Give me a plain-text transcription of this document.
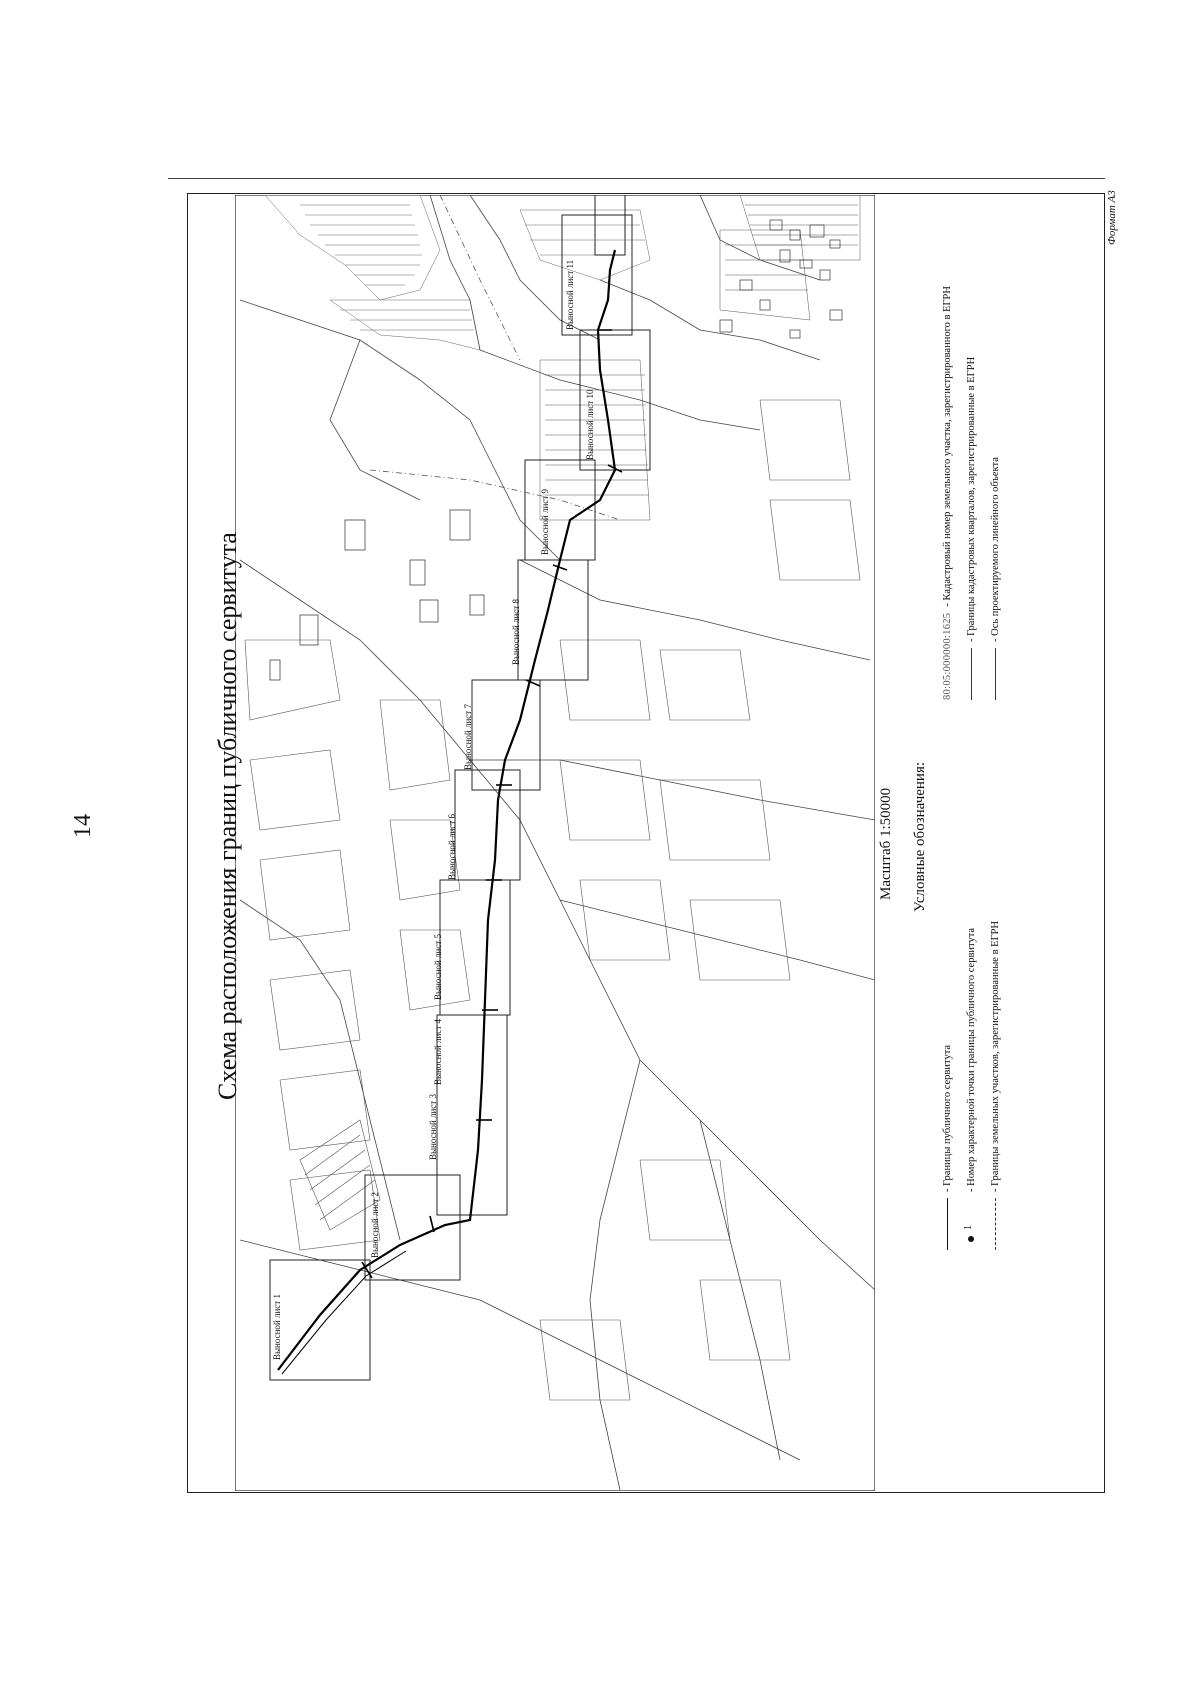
14	Схема расположения границ публичного сервитута
Выносной лист 1
Выносной лист 2
Выносной лист 3
Выносной лист 4
Выносной лист 5
Выносной лист 6
Выносной лист 7
Выносной лист 8
Выносной лист 9
Выносной лист 10
Выносной лист 11
Масштаб 1:50000 Условные обозначения:
- Границы публичного сервитута
1
- Номер характерной точки границы публичного сервитута - Границы земельных участков, зарегистрированные в ЕГРН
80:05:000000:1625
- Кадастровый номер земельного участка, зарегистрированного в ЕГРН - Границы кадастровых кварталов, зарегистрированные в ЕГРН - Ось проектируемого линейного объекта
Формат А3
